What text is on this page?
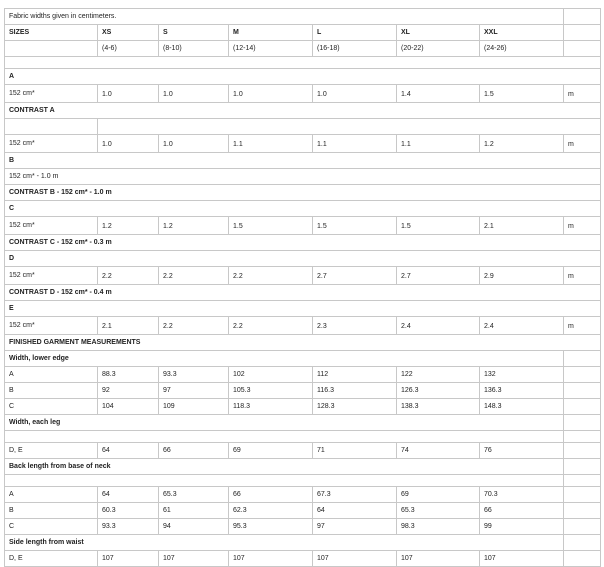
Fabric widths given in centimeters.							
SIZES	XS	S	M	L	XL	XXL	
	(4-6)	(8-10)	(12-14)	(16-18)	(20-22)	(24-26)	

A							
152 cm*	1.0	1.0	1.0	1.0	1.4	1.5	m
CONTRAST A							

152 cm*	1.0	1.0	1.1	1.1	1.1	1.2	m
B							
152 cm* - 1.0 m							
CONTRAST B - 152 cm* - 1.0 m							
C							
152 cm*	1.2	1.2	1.5	1.5	1.5	2.1	m
CONTRAST C - 152 cm* - 0.3 m							
D							
152 cm*	2.2	2.2	2.2	2.7	2.7	2.9	m
CONTRAST D - 152 cm* - 0.4 m							
E							
152 cm*	2.1	2.2	2.2	2.3	2.4	2.4	m
FINISHED GARMENT MEASUREMENTS							
Width, lower edge							
A	88.3	93.3	102	112	122	132	
B	92	97	105.3	116.3	126.3	136.3	
C	104	109	118.3	128.3	138.3	148.3	
Width, each leg							

D, E	64	66	69	71	74	76	
Back length from base of neck							

A	64	65.3	66	67.3	69	70.3	
B	60.3	61	62.3	64	65.3	66	
C	93.3	94	95.3	97	98.3	99	
Side length from waist							
D, E	107	107	107	107	107	107	
